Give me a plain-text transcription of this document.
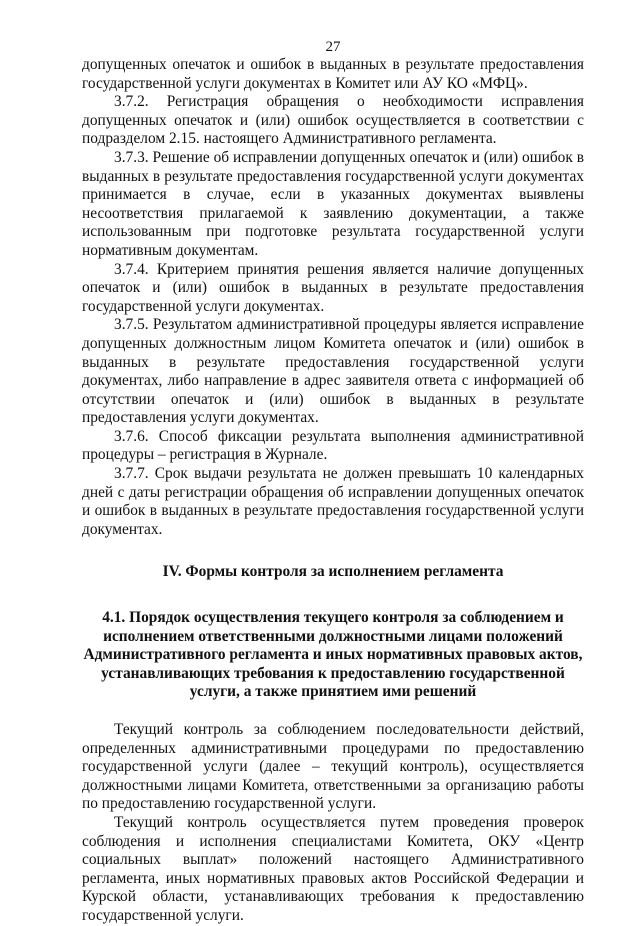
27

допущенных опечаток и ошибок в выданных в результате предоставления государственной услуги документах в Комитет или АУ КО «МФЦ».

3.7.2. Регистрация обращения о необходимости исправления допущенных опечаток и (или) ошибок осуществляется в соответствии с подразделом 2.15. настоящего Административного регламента.

3.7.3. Решение об исправлении допущенных опечаток и (или) ошибок в выданных в результате предоставления государственной услуги документах принимается в случае, если в указанных документах выявлены несоответствия прилагаемой к заявлению документации, а также использованным при подготовке результата государственной услуги нормативным документам.

3.7.4. Критерием принятия решения является наличие допущенных опечаток и (или) ошибок в выданных в результате предоставления государственной услуги документах.

3.7.5. Результатом административной процедуры является исправление допущенных должностным лицом Комитета опечаток и (или) ошибок в выданных в результате предоставления государственной услуги документах, либо направление в адрес заявителя ответа с информацией об отсутствии опечаток и (или) ошибок в выданных в результате предоставления услуги документах.

3.7.6. Способ фиксации результата выполнения административной процедуры – регистрация в Журнале.

3.7.7. Срок выдачи результата не должен превышать 10 календарных дней с даты регистрации обращения об исправлении допущенных опечаток и ошибок в выданных в результате предоставления государственной услуги документах.

IV. Формы контроля за исполнением регламента
4.1. Порядок осуществления текущего контроля за соблюдением и исполнением ответственными должностными лицами положений Административного регламента и иных нормативных правовых актов, устанавливающих требования к предоставлению государственной услуги, а также принятием ими решений

Текущий контроль за соблюдением последовательности действий, определенных административными процедурами по предоставлению государственной услуги (далее – текущий контроль), осуществляется должностными лицами Комитета, ответственными за организацию работы по предоставлению государственной услуги.

Текущий контроль осуществляется путем проведения проверок соблюдения и исполнения специалистами Комитета, ОКУ «Центр социальных выплат» положений настоящего Административного регламента, иных нормативных правовых актов Российской Федерации и Курской области, устанавливающих требования к предоставлению государственной услуги.
